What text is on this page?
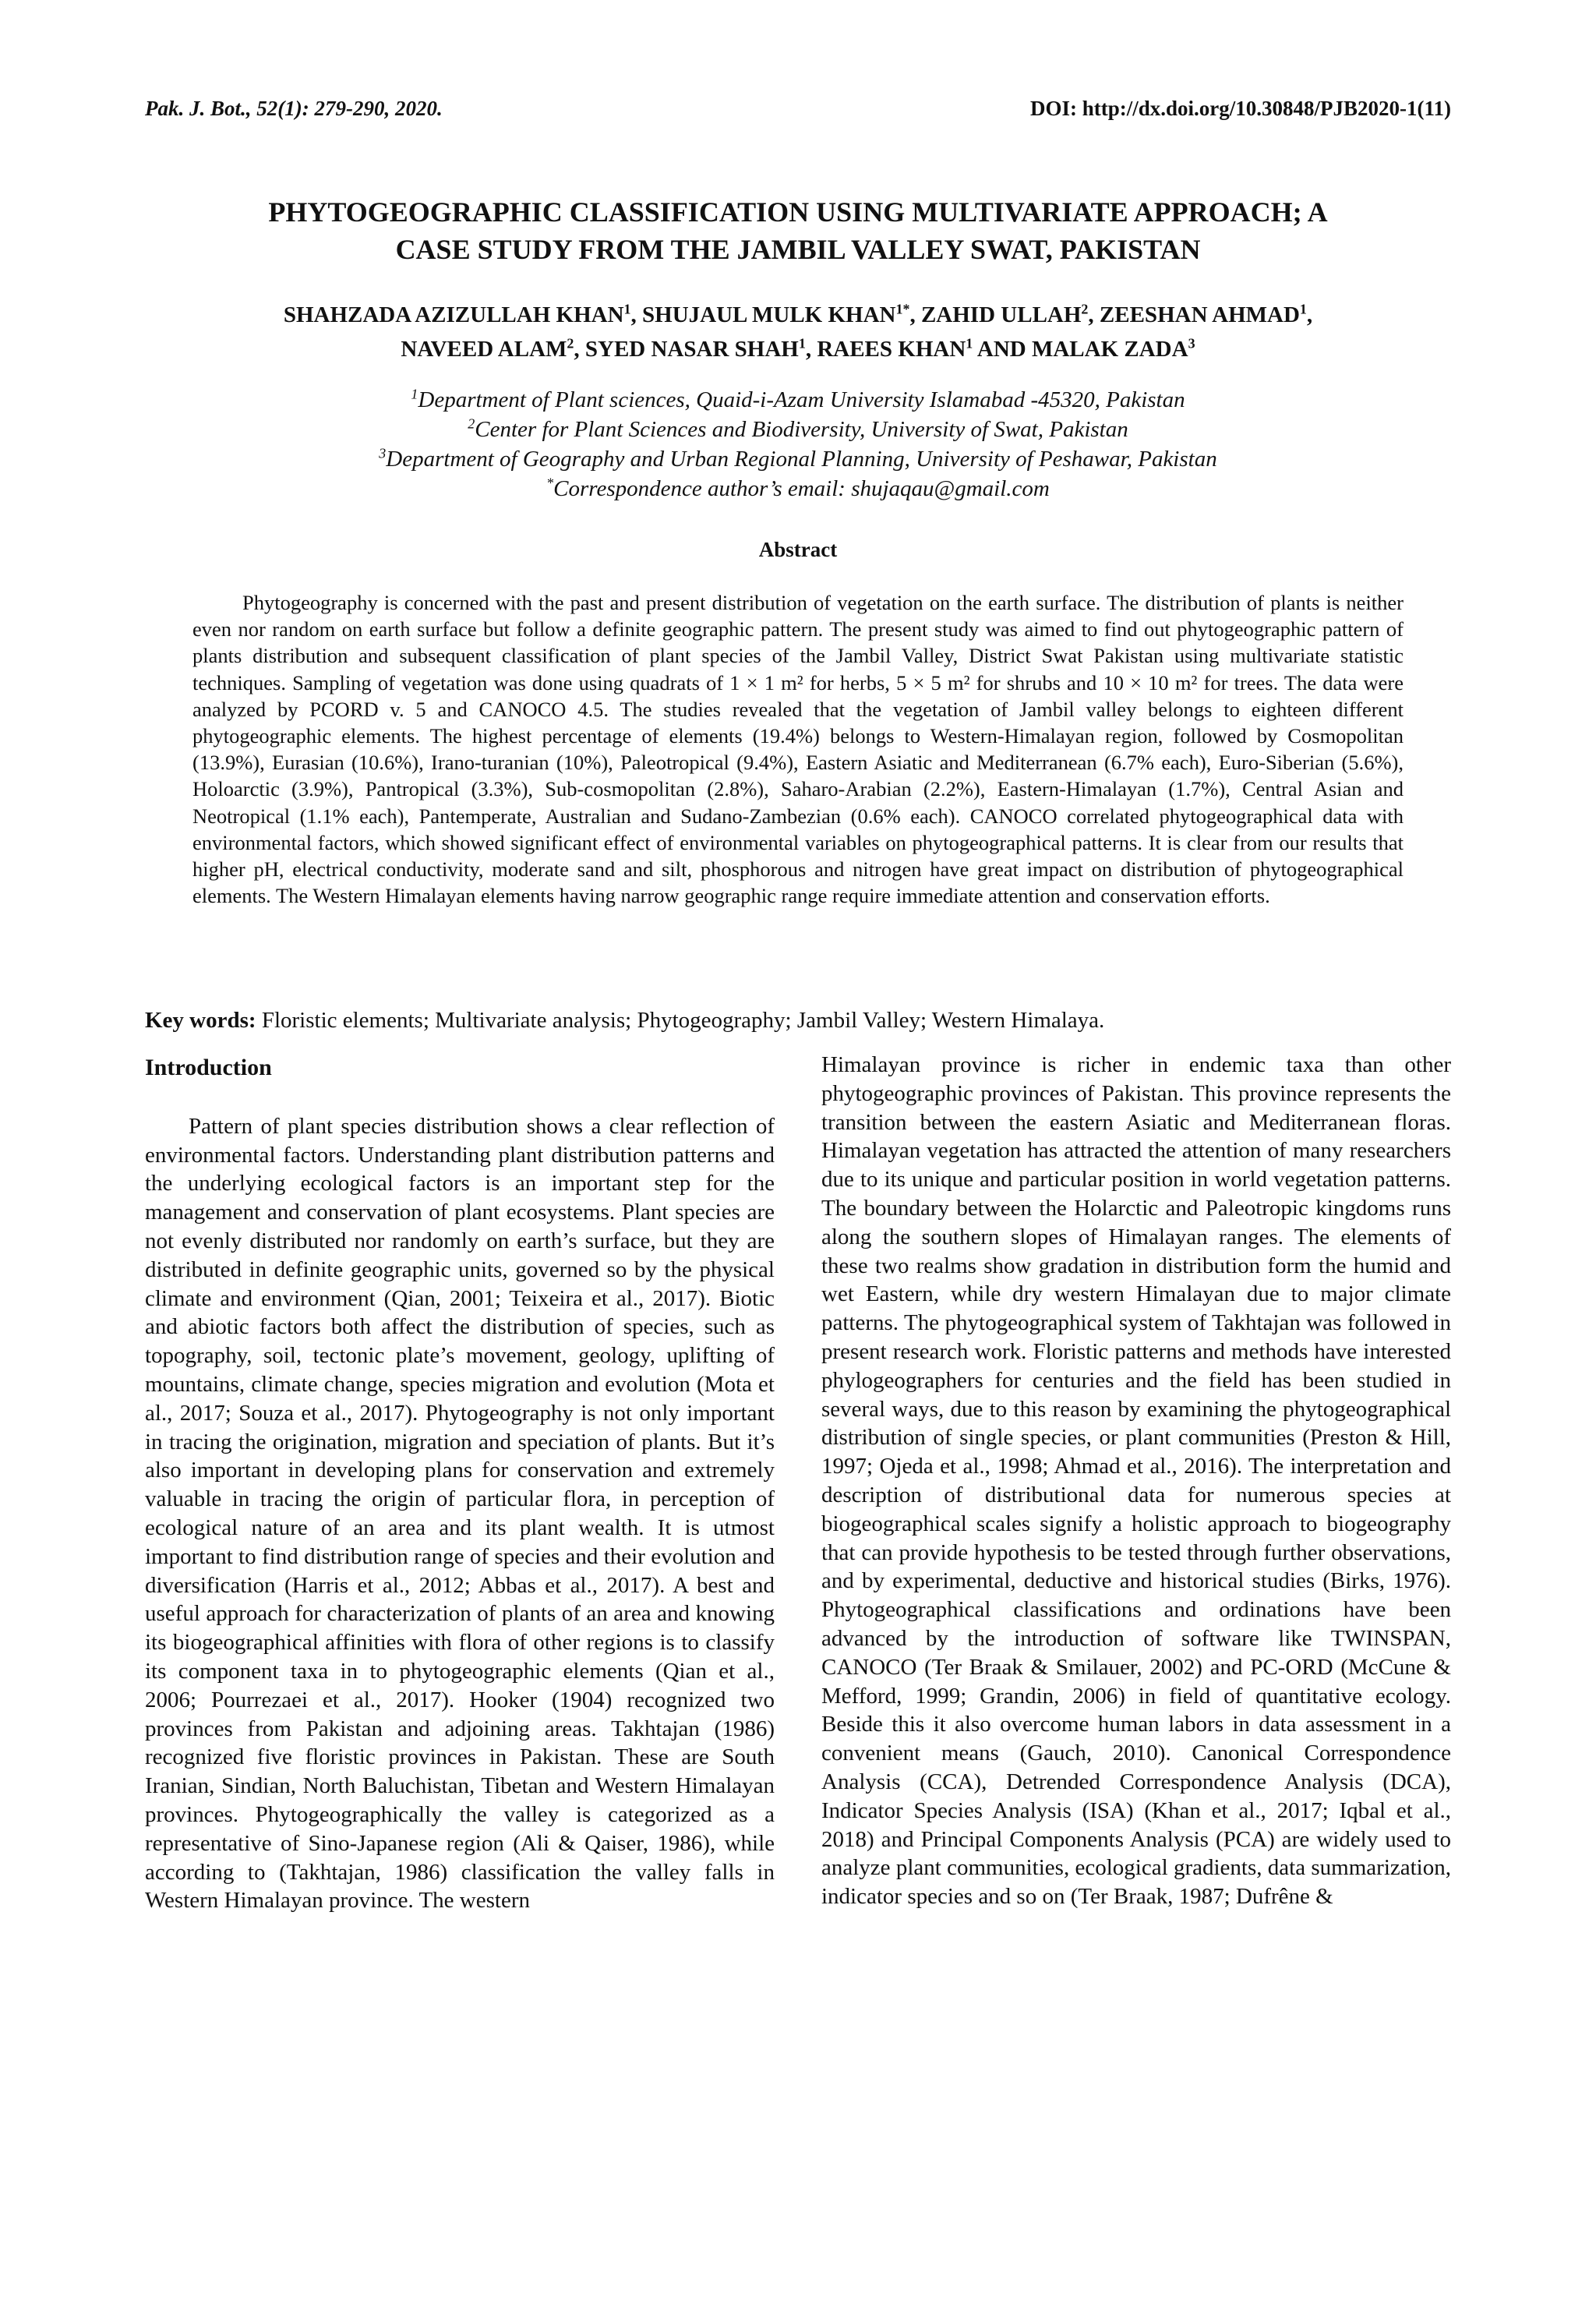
Pak. J. Bot., 52(1): 279-290, 2020.	DOI: http://dx.doi.org/10.30848/PJB2020-1(11)
PHYTOGEOGRAPHIC CLASSIFICATION USING MULTIVARIATE APPROACH; A
CASE STUDY FROM THE JAMBIL VALLEY SWAT, PAKISTAN
SHAHZADA AZIZULLAH KHAN$^1$, SHUJAUL MULK $KHAN^{1*}$, ZAHID ULLAH$^2$, ZEESHAN AHMAD$^1$,
NAVEED ALAM$^2$, SYED NASAR SHAH$^1$, RAEES KHAN$^1$ AND MALAK ZADA$^3$
$^1$Department of Plant sciences, Quaid-i-Azam University Islamabad -45320, Pakistan
$^2$Center for Plant Sciences and Biodiversity, University of Swat, Pakistan
$^3$Department of Geography and Urban Regional Planning, University of Peshawar, Pakistan
*Correspondence author’s email: shujaqau@gmail.com
Abstract

Phytogeography is concerned with the past and present distribution of vegetation on the earth surface. The distribution of plants is neither even nor random on earth surface but follow a definite geographic pattern. The present study was aimed to find out phytogeographic pattern of plants distribution and subsequent classification of plant species of the Jambil Valley, District Swat Pakistan using multivariate statistic techniques. Sampling of vegetation was done using quadrats of 1 × 1 m² for herbs, 5 × 5 m² for shrubs and 10 × 10 m² for trees. The data were analyzed by PCORD v. 5 and CANOCO 4.5. The studies revealed that the vegetation of Jambil valley belongs to eighteen different phytogeographic elements. The highest percentage of elements (19.4%) belongs to Western-Himalayan region, followed by Cosmopolitan (13.9%), Eurasian (10.6%), Irano-turanian (10%), Paleotropical (9.4%), Eastern Asiatic and Mediterranean (6.7% each), Euro-Siberian (5.6%), Holoarctic (3.9%), Pantropical (3.3%), Sub-cosmopolitan (2.8%), Saharo-Arabian (2.2%), Eastern-Himalayan (1.7%), Central Asian and Neotropical (1.1% each), Pantemperate, Australian and Sudano-Zambezian (0.6% each). CANOCO correlated phytogeographical data with environmental factors, which showed significant effect of environmental variables on phytogeographical patterns. It is clear from our results that higher pH, electrical conductivity, moderate sand and silt, phosphorous and nitrogen have great impact on distribution of phytogeographical elements. The Western Himalayan elements having narrow geographic range require immediate attention and conservation efforts.

Key words: Floristic elements; Multivariate analysis; Phytogeography; Jambil Valley; Western Himalaya.

Introduction

Pattern of plant species distribution shows a clear reflection of environmental factors. Understanding plant distribution patterns and the underlying ecological factors is an important step for the management and conservation of plant ecosystems. Plant species are not evenly distributed nor randomly on earth’s surface, but they are distributed in definite geographic units, governed so by the physical climate and environment (Qian, 2001; Teixeira et al., 2017). Biotic and abiotic factors both affect the distribution of species, such as topography, soil, tectonic plate’s movement, geology, uplifting of mountains, climate change, species migration and evolution (Mota et al., 2017; Souza et al., 2017). Phytogeography is not only important in tracing the origination, migration and speciation of plants. But it’s also important in developing plans for conservation and extremely valuable in tracing the origin of particular flora, in perception of ecological nature of an area and its plant wealth. It is utmost important to find distribution range of species and their evolution and diversification (Harris et al., 2012; Abbas et al., 2017). A best and useful approach for characterization of plants of an area and knowing its biogeographical affinities with flora of other regions is to classify its component taxa in to phytogeographic elements (Qian et al., 2006; Pourrezaei et al., 2017). Hooker (1904) recognized two provinces from Pakistan and adjoining areas. Takhtajan (1986) recognized five floristic provinces in Pakistan. These are South Iranian, Sindian, North Baluchistan, Tibetan and Western Himalayan provinces. Phytogeographically the valley is categorized as a representative of Sino-Japanese region (Ali & Qaiser, 1986), while according to (Takhtajan, 1986) classification the valley falls in Western Himalayan province. The western

Himalayan province is richer in endemic taxa than other phytogeographic provinces of Pakistan. This province represents the transition between the eastern Asiatic and Mediterranean floras. Himalayan vegetation has attracted the attention of many researchers due to its unique and particular position in world vegetation patterns. The boundary between the Holarctic and Paleotropic kingdoms runs along the southern slopes of Himalayan ranges. The elements of these two realms show gradation in distribution form the humid and wet Eastern, while dry western Himalayan due to major climate patterns. The phytogeographical system of Takhtajan was followed in present research work. Floristic patterns and methods have interested phylogeographers for centuries and the field has been studied in several ways, due to this reason by examining the phytogeographical distribution of single species, or plant communities (Preston & Hill, 1997; Ojeda et al., 1998; Ahmad et al., 2016). The interpretation and description of distributional data for numerous species at biogeographical scales signify a holistic approach to biogeography that can provide hypothesis to be tested through further observations, and by experimental, deductive and historical studies (Birks, 1976). Phytogeographical classifications and ordinations have been advanced by the introduction of software like TWINSPAN, CANOCO (Ter Braak & Smilauer, 2002) and PC-ORD (McCune & Mefford, 1999; Grandin, 2006) in field of quantitative ecology. Beside this it also overcome human labors in data assessment in a convenient means (Gauch, 2010). Canonical Correspondence Analysis (CCA), Detrended Correspondence Analysis (DCA), Indicator Species Analysis (ISA) (Khan et al., 2017; Iqbal et al., 2018) and Principal Components Analysis (PCA) are widely used to analyze plant communities, ecological gradients, data summarization, indicator species and so on (Ter Braak, 1987; Dufrêne &
